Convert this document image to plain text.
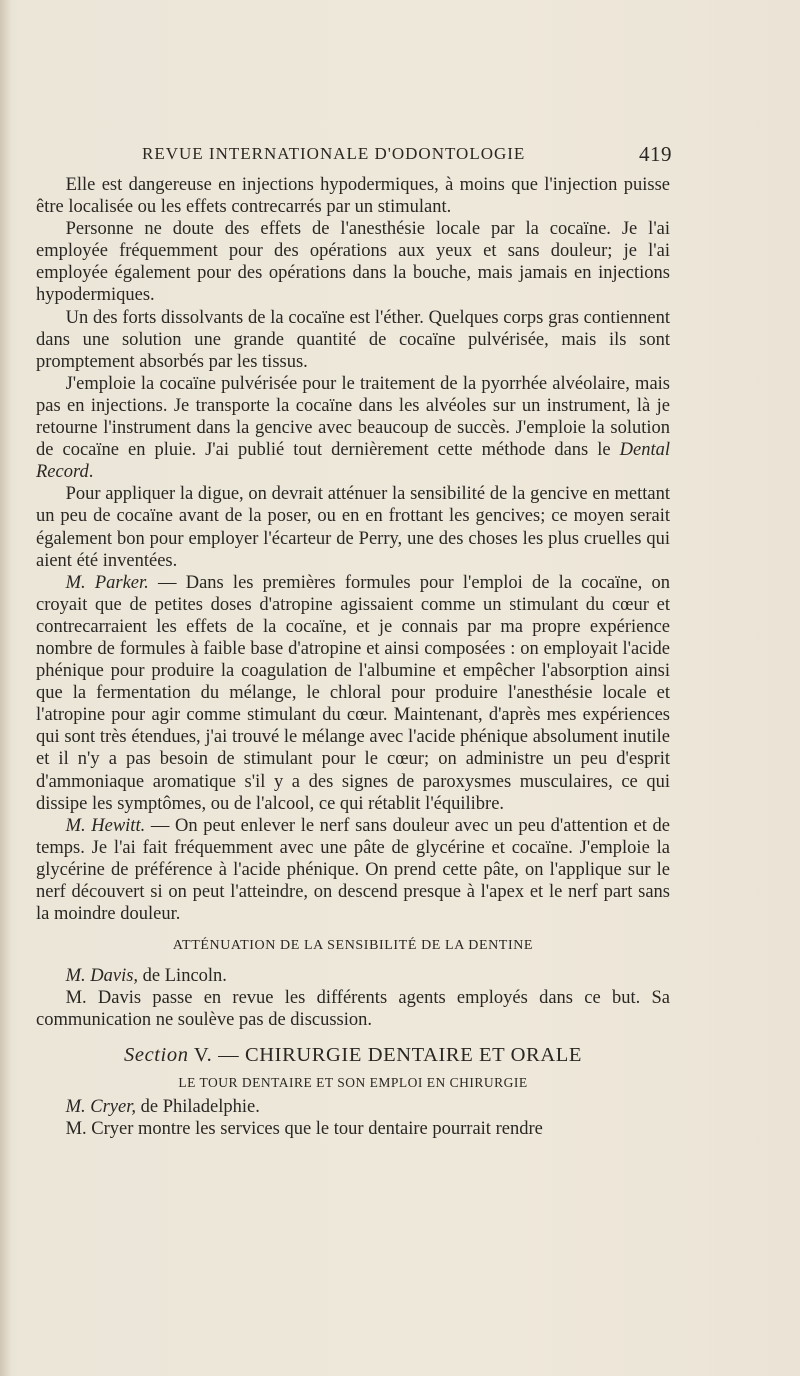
REVUE INTERNATIONALE D'ODONTOLOGIE	419

Elle est dangereuse en injections hypodermiques, à moins que l'injection puisse être localisée ou les effets contrecarrés par un stimulant.

Personne ne doute des effets de l'anesthésie locale par la cocaïne. Je l'ai employée fréquemment pour des opérations aux yeux et sans douleur; je l'ai employée également pour des opérations dans la bouche, mais jamais en injections hypodermiques.

Un des forts dissolvants de la cocaïne est l'éther. Quelques corps gras contiennent dans une solution une grande quantité de cocaïne pulvérisée, mais ils sont promptement absorbés par les tissus.

J'emploie la cocaïne pulvérisée pour le traitement de la pyorrhée alvéolaire, mais pas en injections. Je transporte la cocaïne dans les alvéoles sur un instrument, là je retourne l'instrument dans la gencive avec beaucoup de succès. J'emploie la solution de cocaïne en pluie. J'ai publié tout dernièrement cette méthode dans le Dental Record.

Pour appliquer la digue, on devrait atténuer la sensibilité de la gencive en mettant un peu de cocaïne avant de la poser, ou en en frottant les gencives; ce moyen serait également bon pour employer l'écarteur de Perry, une des choses les plus cruelles qui aient été inventées.

M. Parker. — Dans les premières formules pour l'emploi de la cocaïne, on croyait que de petites doses d'atropine agissaient comme un stimulant du cœur et contrecarraient les effets de la cocaïne, et je connais par ma propre expérience nombre de formules à faible base d'atropine et ainsi composées : on employait l'acide phénique pour produire la coagulation de l'albumine et empêcher l'absorption ainsi que la fermentation du mélange, le chloral pour produire l'anesthésie locale et l'atropine pour agir comme stimulant du cœur. Maintenant, d'après mes expériences qui sont très étendues, j'ai trouvé le mélange avec l'acide phénique absolument inutile et il n'y a pas besoin de stimulant pour le cœur; on administre un peu d'esprit d'ammoniaque aromatique s'il y a des signes de paroxysmes musculaires, ce qui dissipe les symptômes, ou de l'alcool, ce qui rétablit l'équilibre.

M. Hewitt. — On peut enlever le nerf sans douleur avec un peu d'attention et de temps. Je l'ai fait fréquemment avec une pâte de glycérine et cocaïne. J'emploie la glycérine de préférence à l'acide phénique. On prend cette pâte, on l'applique sur le nerf découvert si on peut l'atteindre, on descend presque à l'apex et le nerf part sans la moindre douleur.

ATTÉNUATION DE LA SENSIBILITÉ DE LA DENTINE

M. Davis, de Lincoln.

M. Davis passe en revue les différents agents employés dans ce but. Sa communication ne soulève pas de discussion.

Section V. — CHIRURGIE DENTAIRE ET ORALE
LE TOUR DENTAIRE ET SON EMPLOI EN CHIRURGIE

M. Cryer, de Philadelphie.

M. Cryer montre les services que le tour dentaire pourrait rendre
